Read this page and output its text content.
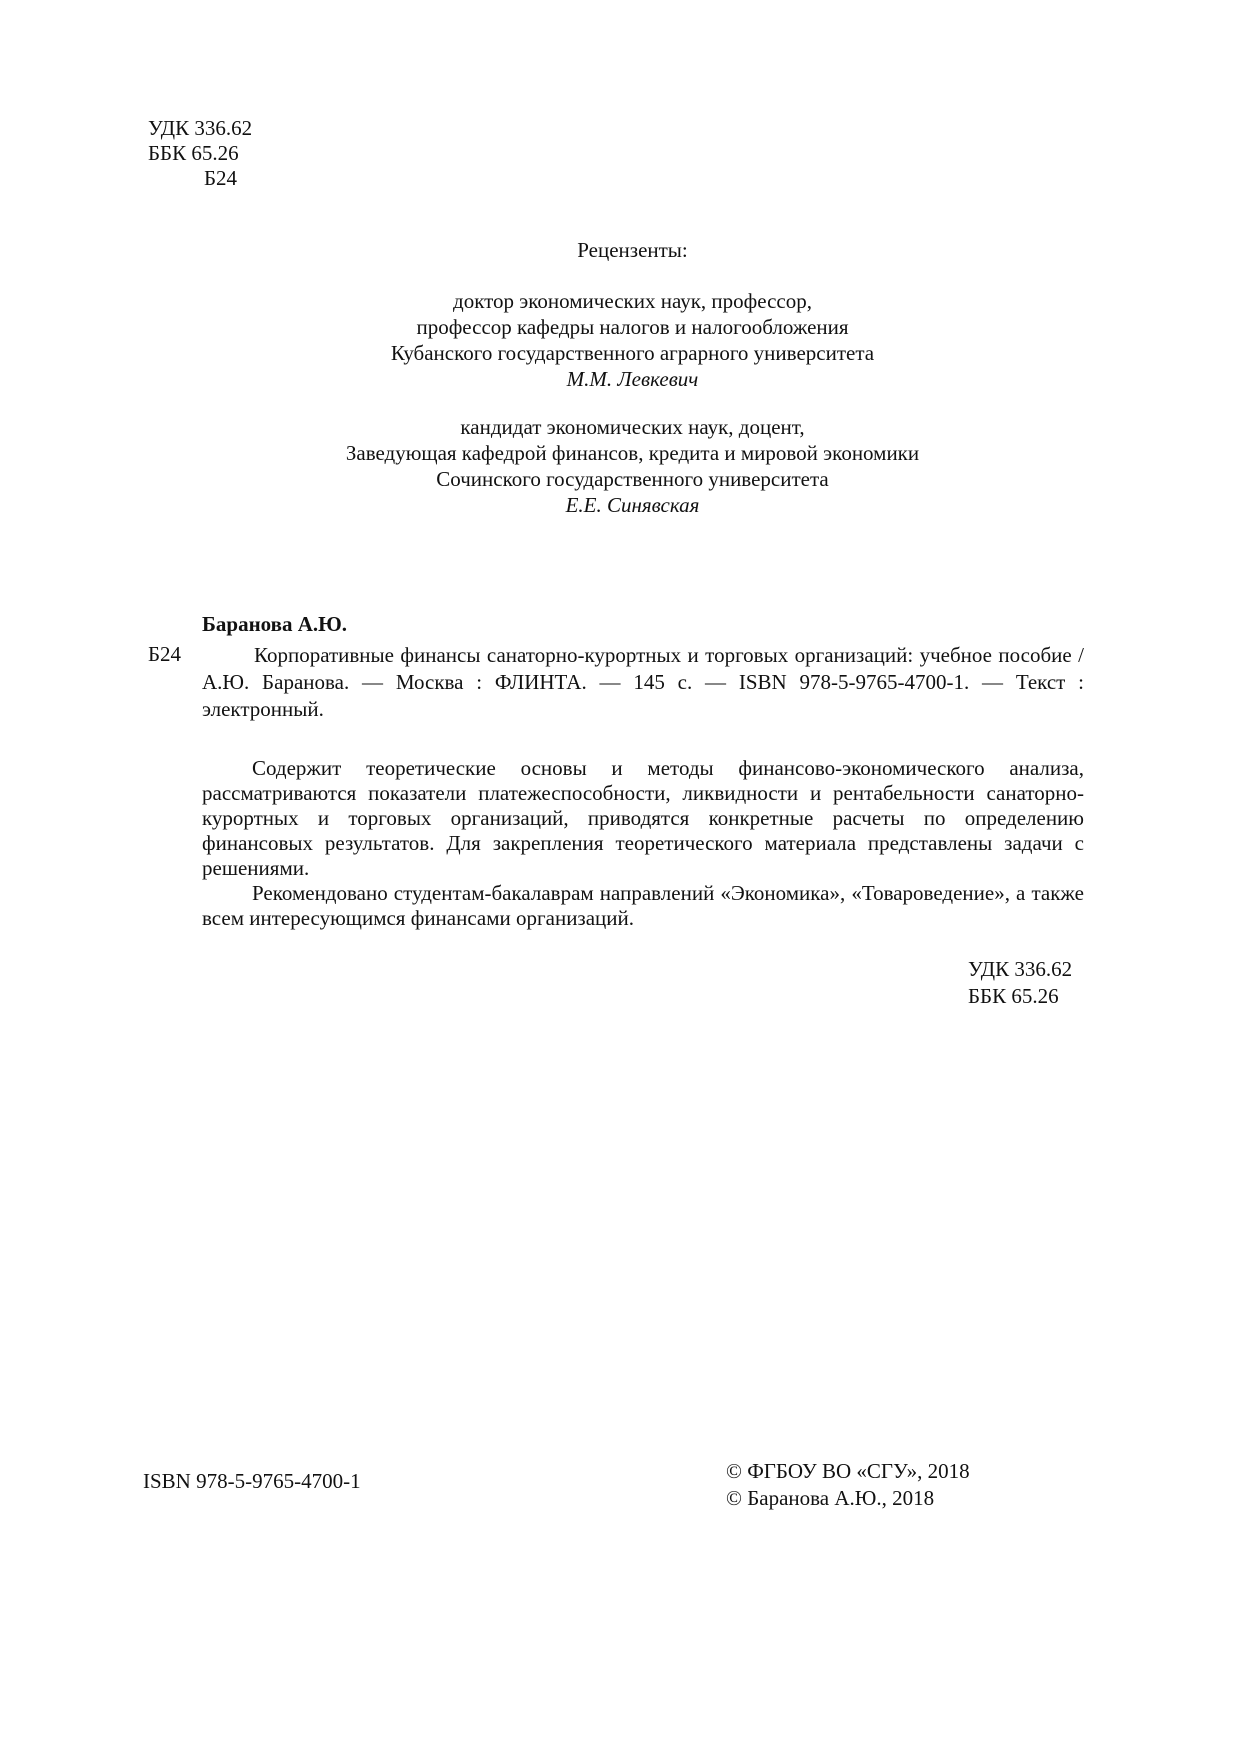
УДК 336.62
ББК 65.26
Б24
Рецензенты:
доктор экономических наук, профессор,
профессор кафедры налогов и налогообложения
Кубанского государственного аграрного университета
М.М. Левкевич
кандидат экономических наук, доцент,
Заведующая кафедрой финансов, кредита и мировой экономики
Сочинского государственного университета
Е.Е. Синявская
Баранова А.Ю.
Б24	Корпоративные финансы санаторно-курортных и торговых организаций: учебное пособие / А.Ю. Баранова. — Москва : ФЛИНТА. — 145 с. — ISBN 978-5-9765-4700-1. — Текст : электронный.

Содержит теоретические основы и методы финансово-экономического анализа, рассматриваются показатели платежеспособности, ликвидности и рентабельности санаторно-курортных и торговых организаций, приводятся конкретные расчеты по определению финансовых результатов. Для закрепления теоретического материала представлены задачи с решениями.

Рекомендовано студентам-бакалаврам направлений «Экономика», «Товароведение», а также всем интересующимся финансами организаций.

УДК 336.62
ББК 65.26
ISBN 978-5-9765-4700-1	© ФГБОУ ВО «СГУ», 2018
© Баранова А.Ю., 2018
